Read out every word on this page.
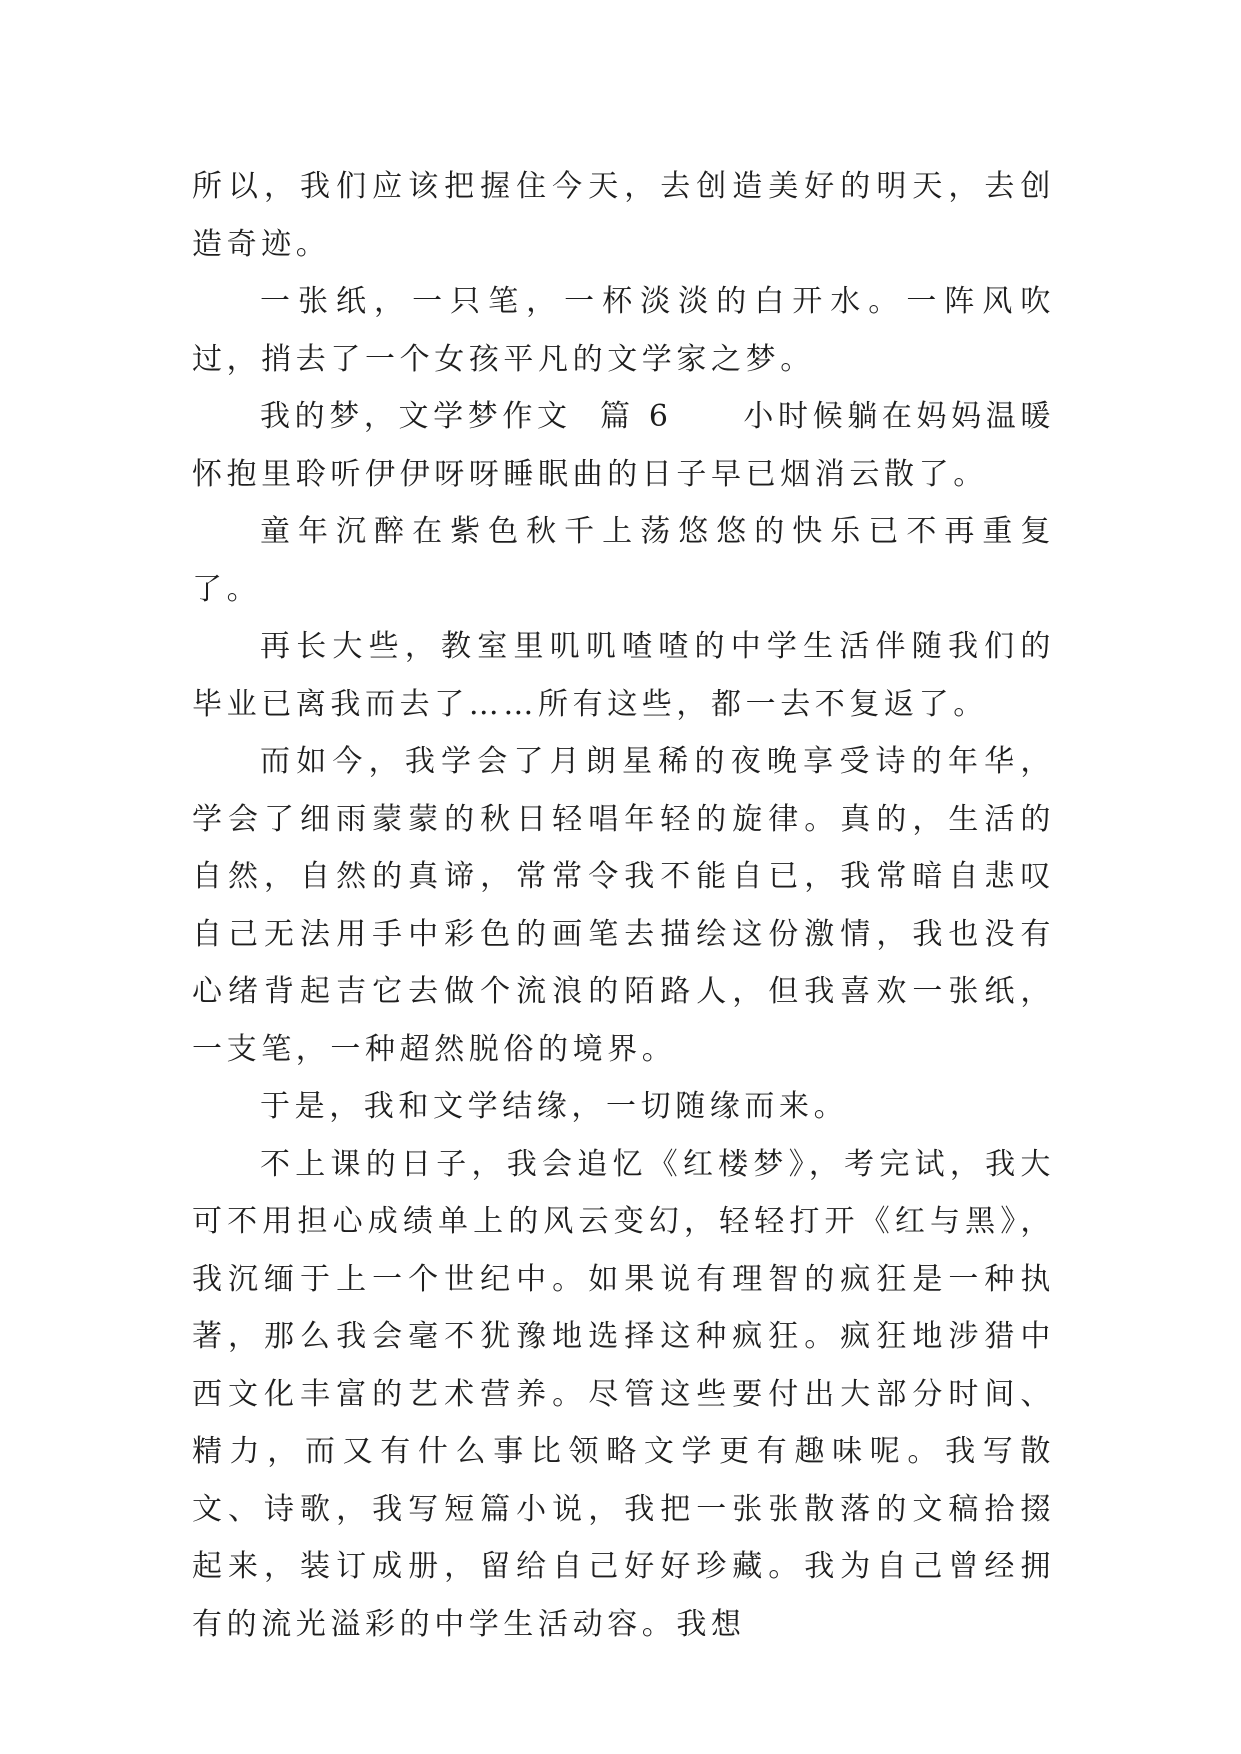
所以，我们应该把握住今天，去创造美好的明天，去创造奇迹。

一张纸，一只笔，一杯淡淡的白开水。一阵风吹过，捎去了一个女孩平凡的文学家之梦。

我的梦，文学梦作文  篇 6     小时候躺在妈妈温暖怀抱里聆听伊伊呀呀睡眠曲的日子早已烟消云散了。

童年沉醉在紫色秋千上荡悠悠的快乐已不再重复了。

再长大些，教室里叽叽喳喳的中学生活伴随我们的毕业已离我而去了……所有这些，都一去不复返了。

而如今，我学会了月朗星稀的夜晚享受诗的年华，学会了细雨蒙蒙的秋日轻唱年轻的旋律。真的，生活的自然，自然的真谛，常常令我不能自已，我常暗自悲叹自己无法用手中彩色的画笔去描绘这份激情，我也没有心绪背起吉它去做个流浪的陌路人，但我喜欢一张纸，一支笔，一种超然脱俗的境界。

于是，我和文学结缘，一切随缘而来。

不上课的日子，我会追忆《红楼梦》，考完试，我大可不用担心成绩单上的风云变幻，轻轻打开《红与黑》，我沉缅于上一个世纪中。如果说有理智的疯狂是一种执著，那么我会毫不犹豫地选择这种疯狂。疯狂地涉猎中西文化丰富的艺术营养。尽管这些要付出大部分时间、精力，而又有什么事比领略文学更有趣味呢。我写散文、诗歌，我写短篇小说，我把一张张散落的文稿拾掇起来，装订成册，留给自己好好珍藏。我为自己曾经拥有的流光溢彩的中学生活动容。我想
